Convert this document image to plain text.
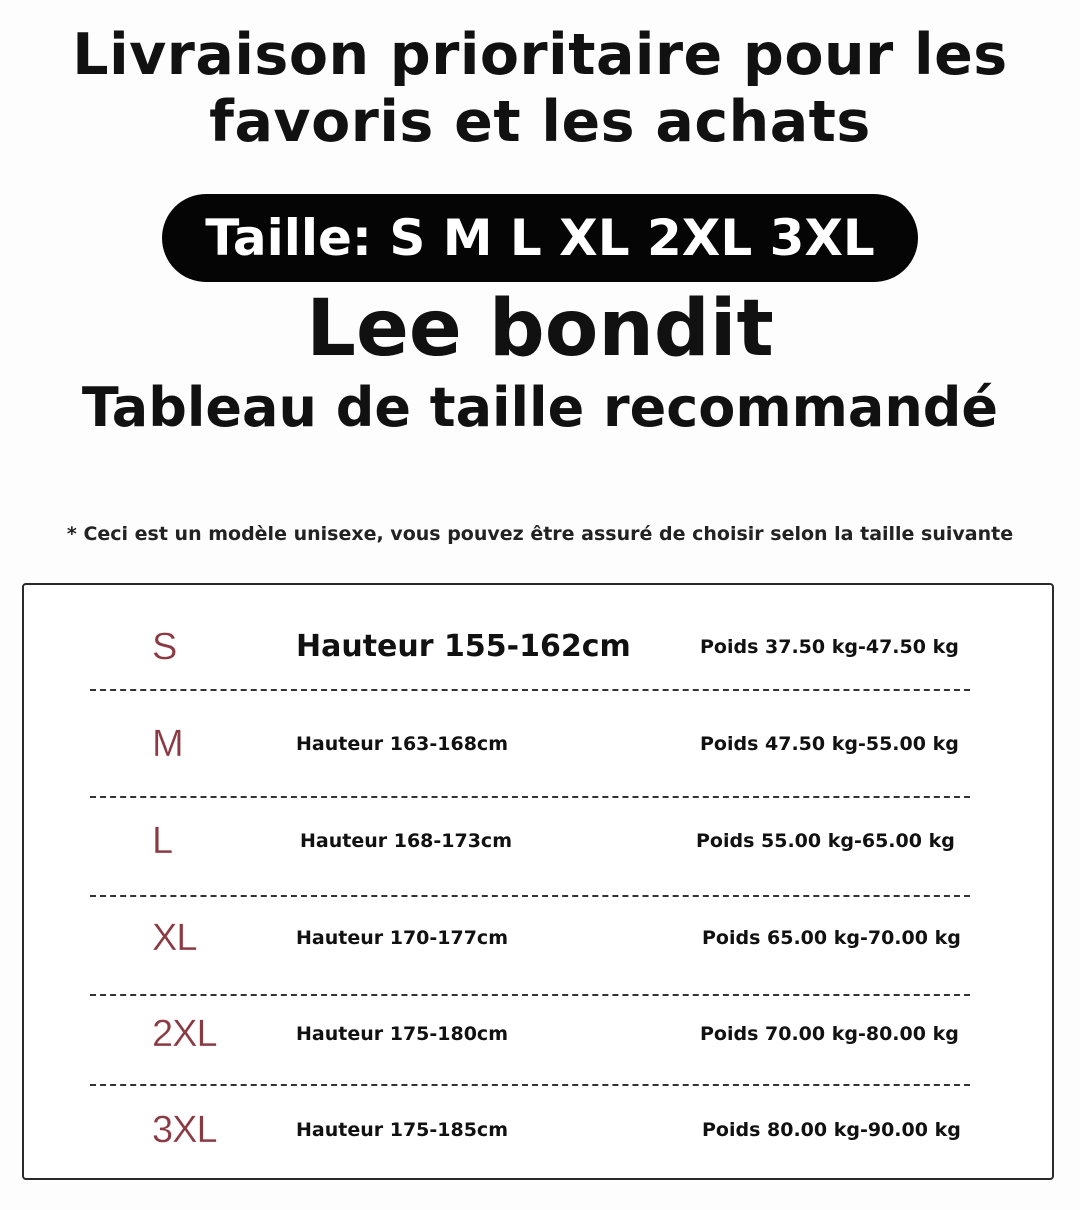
Livraison prioritaire pour les
favoris et les achats
Taille: S M L XL 2XL 3XL
Lee bondit
Tableau de taille recommandé
* Ceci est un modèle unisexe, vous pouvez être assuré de choisir selon la taille suivante
S	Hauteur 155-162cm	Poids 37.50 kg-47.50 kg
M	Hauteur 163-168cm	Poids 47.50 kg-55.00 kg
L	Hauteur 168-173cm	Poids 55.00 kg-65.00 kg
XL	Hauteur 170-177cm	Poids 65.00 kg-70.00 kg
2XL	Hauteur 175-180cm	Poids 70.00 kg-80.00 kg
3XL	Hauteur 175-185cm	Poids 80.00 kg-90.00 kg
